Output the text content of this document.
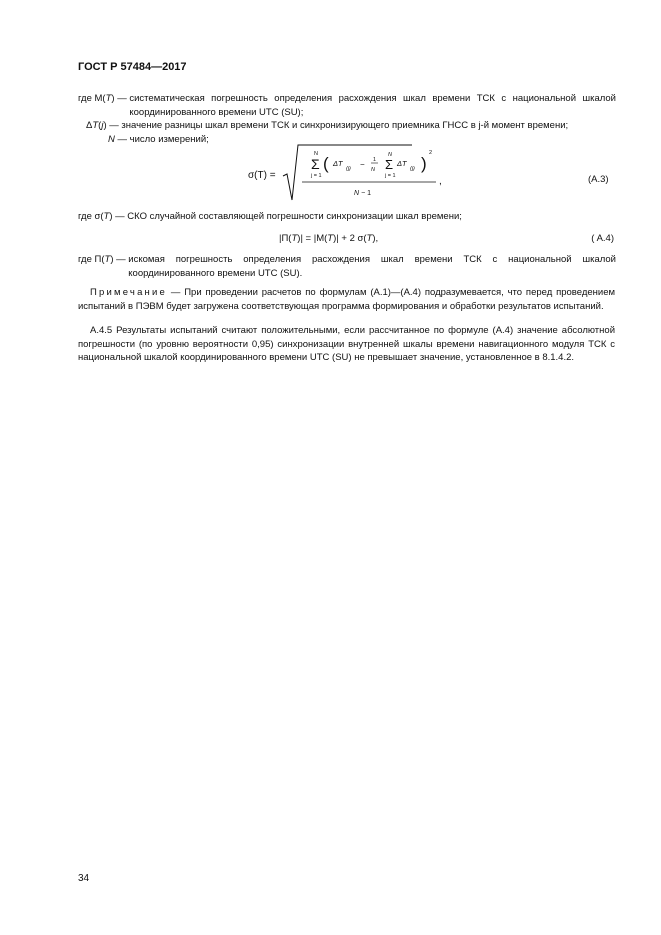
ГОСТ Р 57484—2017
где M(T) — систематическая погрешность определения расхождения шкал времени ТСК с национальной шкалой координированного времени UTC (SU);
ΔT(j) — значение разницы шкал времени ТСК и синхронизирующего приемника ГНСС в j-й момент времени;
N — число измерений;
σ(T) =
N
Σ
j = 1
( ΔT
(j) − 1
N
N
Σ
j = 1
ΔT
(j) )
2
N − 1
,	(A.3)
где σ(T) — СКО случайной составляющей погрешности синхронизации шкал времени;
|П(T)| = |M(T)| + 2 σ(T),	( A.4)
где П(T) — искомая погрешность определения расхождения шкал времени ТСК с национальной шкалой координированного времени UTC (SU).
Примечание — При проведении расчетов по формулам (А.1)—(А.4) подразумевается, что перед проведением испытаний в ПЭВМ будет загружена соответствующая программа формирования и обработки результатов испытаний.
А.4.5 Результаты испытаний считают положительными, если рассчитанное по формуле (А.4) значение абсолютной погрешности (по уровню вероятности 0,95) синхронизации внутренней шкалы времени навигационного модуля ТСК с национальной шкалой координированного времени UTC (SU) не превышает значение, установленное в 8.1.4.2.
34
